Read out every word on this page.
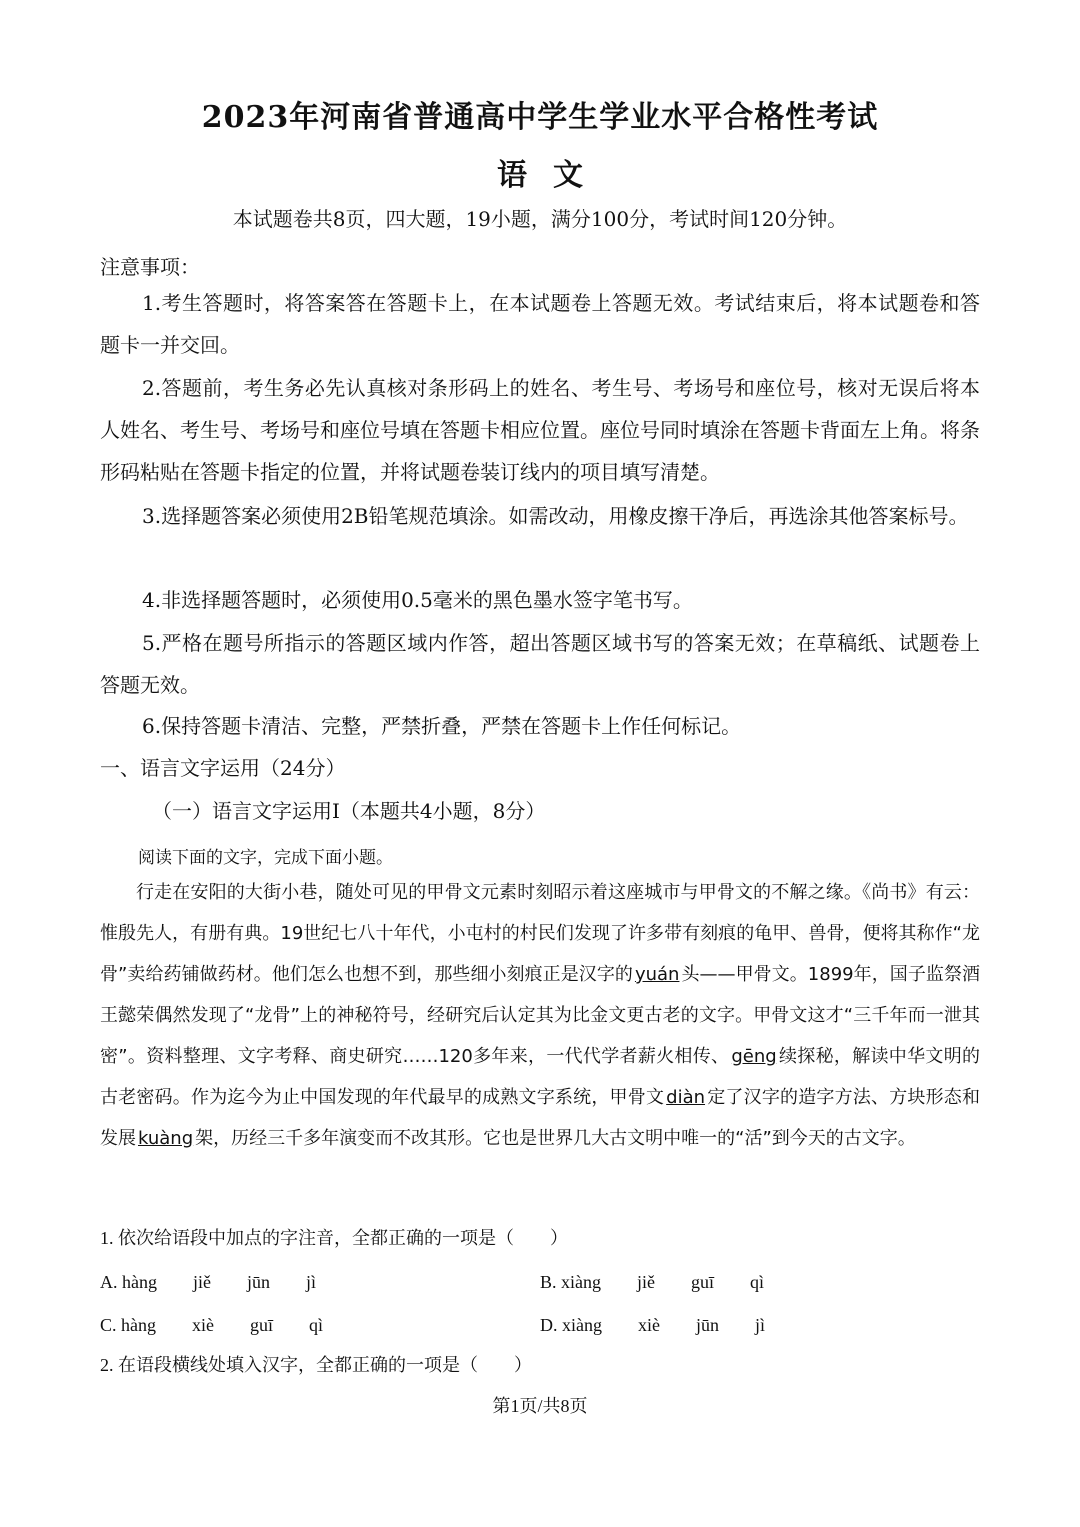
2023年河南省普通高中学生学业水平合格性考试
语文
本试题卷共8页，四大题，19小题，满分100分，考试时间120分钟。
注意事项：
1.考生答题时，将答案答在答题卡上，在本试题卷上答题无效。考试结束后，将本试题卷和答题卡一并交回。
2.答题前，考生务必先认真核对条形码上的姓名、考生号、考场号和座位号，核对无误后将本人姓名、考生号、考场号和座位号填在答题卡相应位置。座位号同时填涂在答题卡背面左上角。将条形码粘贴在答题卡指定的位置，并将试题卷装订线内的项目填写清楚。
3.选择题答案必须使用2B铅笔规范填涂。如需改动，用橡皮擦干净后，再选涂其他答案标号。
4.非选择题答题时，必须使用0.5毫米的黑色墨水签字笔书写。
5.严格在题号所指示的答题区域内作答，超出答题区域书写的答案无效；在草稿纸、试题卷上答题无效。
6.保持答题卡清洁、完整，严禁折叠，严禁在答题卡上作任何标记。
一、语言文字运用（24分）
（一）语言文字运用Ⅰ（本题共4小题，8分）
阅读下面的文字，完成下面小题。
行走在安阳的大街小巷，随处可见的甲骨文元素时刻昭示着这座城市与甲骨文的不解之缘。《尚书》有云：惟殷先人，有册有典。19世纪七八十年代，小屯村的村民们发现了许多带有刻痕的龟甲、兽骨，便将其称作“龙骨”卖给药铺做药材。他们怎么也想不到，那些细小刻痕正是汉字的 yuán 头——甲骨文。1899年，国子监祭酒王懿荣偶然发现了“龙骨”上的神秘符号，经研究后认定其为比金文更古老的文字。甲骨文这才“三千年而一泄其密”。资料整理、文字考释、商史研究……120多年来，一代代学者薪火相传、 gēng 续探秘，解读中华文明的古老密码。作为迄今为止中国发现的年代最早的成熟文字系统，甲骨文 diàn 定了汉字的造字方法、方块形态和发展 kuàng 架，历经三千多年演变而不改其形。它也是世界几大古文明中唯一的“活”到今天的古文字。
1. 依次给语段中加点的字注音，全都正确的一项是（　　）
A. hàng　　jiě　　jūn　　jì	B. xiàng　　jiě　　guī　　qì
C. hàng　　xiè　　guī　　qì	D. xiàng　　xiè　　jūn　　jì
2. 在语段横线处填入汉字，全都正确的一项是（　　）
第1页/共8页
